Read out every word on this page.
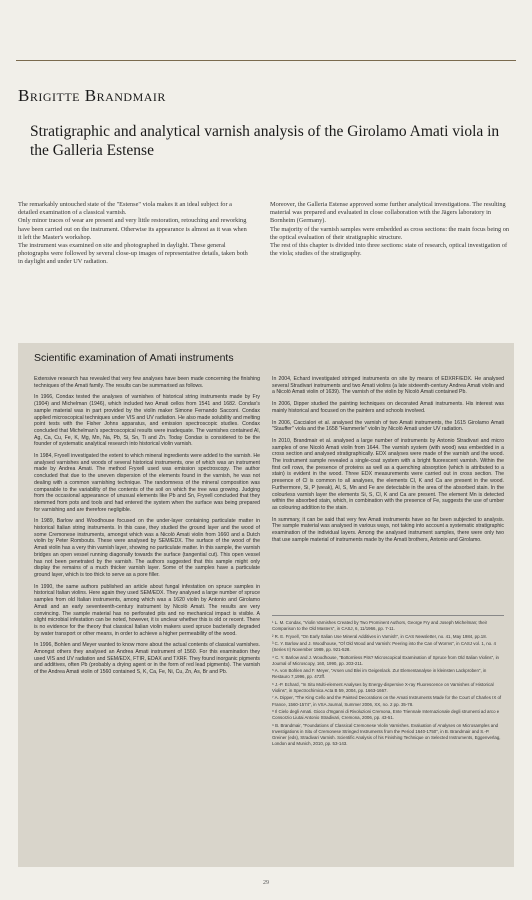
Brigitte Brandmair
Stratigraphic and analytical varnish analysis of the Girolamo Amati viola in the Galleria Estense

The remarkably untouched state of the "Estense" viola makes it an ideal subject for a detailed examination of a classical varnish.

Only minor traces of wear are present and very little restoration, retouching and reworking have been carried out on the instrument. Otherwise its appearance is almost as it was when it left the Master's workshop.

The instrument was examined on site and photographed in daylight. These general photographs were followed by several close-up images of representative details, taken both in daylight and under UV radiation.

Moreover, the Galleria Estense approved some further analytical investigations. The resulting material was prepared and evaluated in close collaboration with the Jägers laboratory in Bornheim (Germany).

The majority of the varnish samples were embedded as cross sections: the main focus being on the optical evaluation of their stratigraphic structure.

The rest of this chapter is divided into three sections: state of research, optical investigation of the viola; studies of the stratigraphy.

Scientific examination of Amati instruments

Extensive research has revealed that very few analyses have been made concerning the finishing techniques of the Amati family. The results can be summarised as follows.

In 1966, Condax tested the analyses of varnishes of historical string instruments made by Fry (1904) and Michelman (1946), which included two Amati cellos from 1541 and 1682. Condax's sample material was in part provided by the violin maker Simone Fernando Sacconi. Condax applied microscopical techniques under VIS and UV radiation. He also made solubility and melting point tests with the Fisher Johns apparatus, and emission spectroscopic studies. Condax concluded that Michelman's spectroscopical results were inadequate. The varnishes contained Al, Ag, Ca, Cu, Fe, K, Mg, Mn, Na, Pb, Si, Sn, Ti and Zn. Today Condax is considered to be the founder of systematic analytical research into historical violin varnish.

In 1984, Fryxell investigated the extent to which mineral ingredients were added to the varnish. He analysed varnishes and woods of several historical instruments, one of which was an instrument made by Andrea Amati. The method Fryxell used was emission spectroscopy. The author concluded that due to the uneven dispersion of the elements found in the varnish, he was not dealing with a common varnishing technique. The randomness of the mineral composition was comparable to the variability of the contents of the soil on which the tree was growing. Judging from the occasional appearance of unusual elements like Pb and Sn, Fryxell concluded that they stemmed from pots and tools and had entered the system when the surface was being prepared for varnishing and are therefore negligible.

In 1989, Barlow and Woodhouse focused on the under-layer containing particulate matter in historical Italian string instruments. In this case, they studied the ground layer and the wood of some Cremonese instruments, amongst which was a Nicolò Amati violin from 1660 and a Dutch violin by Peter Rombouts. These were analysed by SEM/EDX. The surface of the wood of the Amati violin has a very thin varnish layer, showing no particulate matter. In this sample, the varnish bridges an open vessel running diagonally towards the surface (tangential cut). This open vessel has not been penetrated by the varnish. The authors suggested that this sample might only display the remains of a much thicker varnish layer. Some of the samples have a particulate ground layer, which is too thick to serve as a pore filler.

In 1990, the same authors published an article about fungal infestation on spruce samples in historical Italian violins. Here again they used SEM/EDX. They analysed a large number of spruce samples from old Italian instruments, among which was a 1620 violin by Antonio and Girolamo Amati and an early seventeenth-century instrument by Nicolò Amati. The results are very convincing. The sample material has no perforated pits and no mechanical impact is visible. A slight microbial infestation can be noted, however, it is unclear whether this is old or recent. There is no evidence for the theory that classical Italian violin makers used spruce bacterially degraded by water transport or other means, in order to achieve a higher permeability of the wood.

In 1996, Bohlen and Meyer wanted to know more about the actual contents of classical varnishes. Amongst others they analysed an Andrea Amati instrument of 1560. For this examination they used VIS and UV radiation and SEM/EDX, FTIR, EDAX and TXRF. They found inorganic pigments and additives, often Pb (probably a drying agent or in the form of red lead pigments). The varnish of the Andrea Amati violin of 1560 contained S, K, Ca, Fe, Ni, Cu, Zn, As, Br and Pb.

In 2004, Echard investigated stringed instruments on site by means of EDXRF/EDX. He analysed several Stradivari instruments and two Amati violins (a late sixteenth-century Andrea Amati violin and a Nicolò Amati violin of 1639). The varnish of the violin by Nicolò Amati contained Pb.

In 2006, Dipper studied the painting techniques on decorated Amati instruments. His interest was mainly historical and focused on the painters and schools involved.

In 2006, Caccialori et al. analysed the varnish of two Amati instruments, the 1615 Girolamo Amati "Stauffer" viola and the 1658 "Hammerle" violin by Nicolò Amati under UV radiation.

In 2010, Brandmair et al. analysed a large number of instruments by Antonio Stradivari and micro samples of one Nicolò Amati violin from 1644. The varnish system (with wood) was embedded in a cross section and analysed stratigraphically. EDX analyses were made of the varnish and the wood. The instrument sample revealed a single-coat system with a bright fluorescent varnish. Within the first cell rows, the presence of proteins as well as a quenching absorption (which is attributed to a stain) is evident in the wood. Three EDX measurements were carried out in cross section. The presence of Cl is common to all analyses, the elements Cl, K and Ca are present in the wood. Furthermore, Si, P (weak), Al, S, Mn and Fe are detectable in the area of the absorbed stain. In the colourless varnish layer the elements Si, S, Cl, K and Ca are present. The element Mn is detected within the absorbed stain, which, in combination with the presence of Fe, suggests the use of umber as colouring addition to the stain.

In summary, it can be said that very few Amati instruments have so far been subjected to analysis. The sample material was analysed in various ways, not taking into account a systematic stratigraphic examination of the individual layers. Among the analysed instrument samples, there were only two that use sample material of instruments made by the Amati brothers, Antonio and Girolamo.

¹ L. M. Condax, "Violin Varnishes Created by Two Prominent Authors, George Fry and Joseph Michelman; their Comparison to the Old Masters", in CASJ, 6, 11/1966, pp. 7-11.

² R. E. Fryxell, "On Early Italian Use Mineral Additives in Varnish", in CAS Newsletter, no. 41, May 1984, pp.18.

³ C. Y. Barlow and J. Woodhouse, "Of Old Wood and Varnish: Peering into the Can of Worms", in CASJ vol. 1, no. 4 (Series II) November 1989, pp. 921-528.

⁴ C. Y. Barlow and J. Woodhouse, "Bottomless Pits? Microscopical Examination of Spruce from Old Italian Violins", in Journal of Microscopy, 160, 1990, pp. 203-211.

⁵ A. von Bohlen and F. Meyer, "Arsen und Blei im Geigenlack. Zur Elementanalyse in kleinsten Lackproben", in Restauro 7,1996, pp. 472ff.

⁶ J.-P. Echard, "In Situ Multi-element Analyses by Energy-dispersive X-ray Fluorescence on Varnishes of Historical Violins", in Spectrochimica Acta B 59, 2004, pp. 1663-1667.

⁷ A. Dipper, "The King Cello and the Painted Decorations on the Amati Instruments Made for the Court of Charles IX of France, 1560-1574", in VSA Journal, Summer 2006, XX, no. 2 pp. 35-78.

⁸ Il Cielo degli Amati. Gioco d'Inganni di Rivoluzioni Cremona, Ente Triennale Internazionale degli strumenti ad arco e Consorzio Liutai Antonio Stradivari, Cremona, 2006, pp. 43-51.

⁹ B. Brandmair, "Foundations of Classical Cremonese Violin Varnishes. Evaluation of Analyses on Microsamples and Investigations in Situ of Cremonese Stringed Instruments from the Period 1640-1750", in B. Brandmair and S.-P. Greiner (eds), Stradivari Varnish. Scientific Analysis of his Finishing Technique on Selected Instruments, Eggenverlag, London and Munich, 2010, pp. 53-143.

29
